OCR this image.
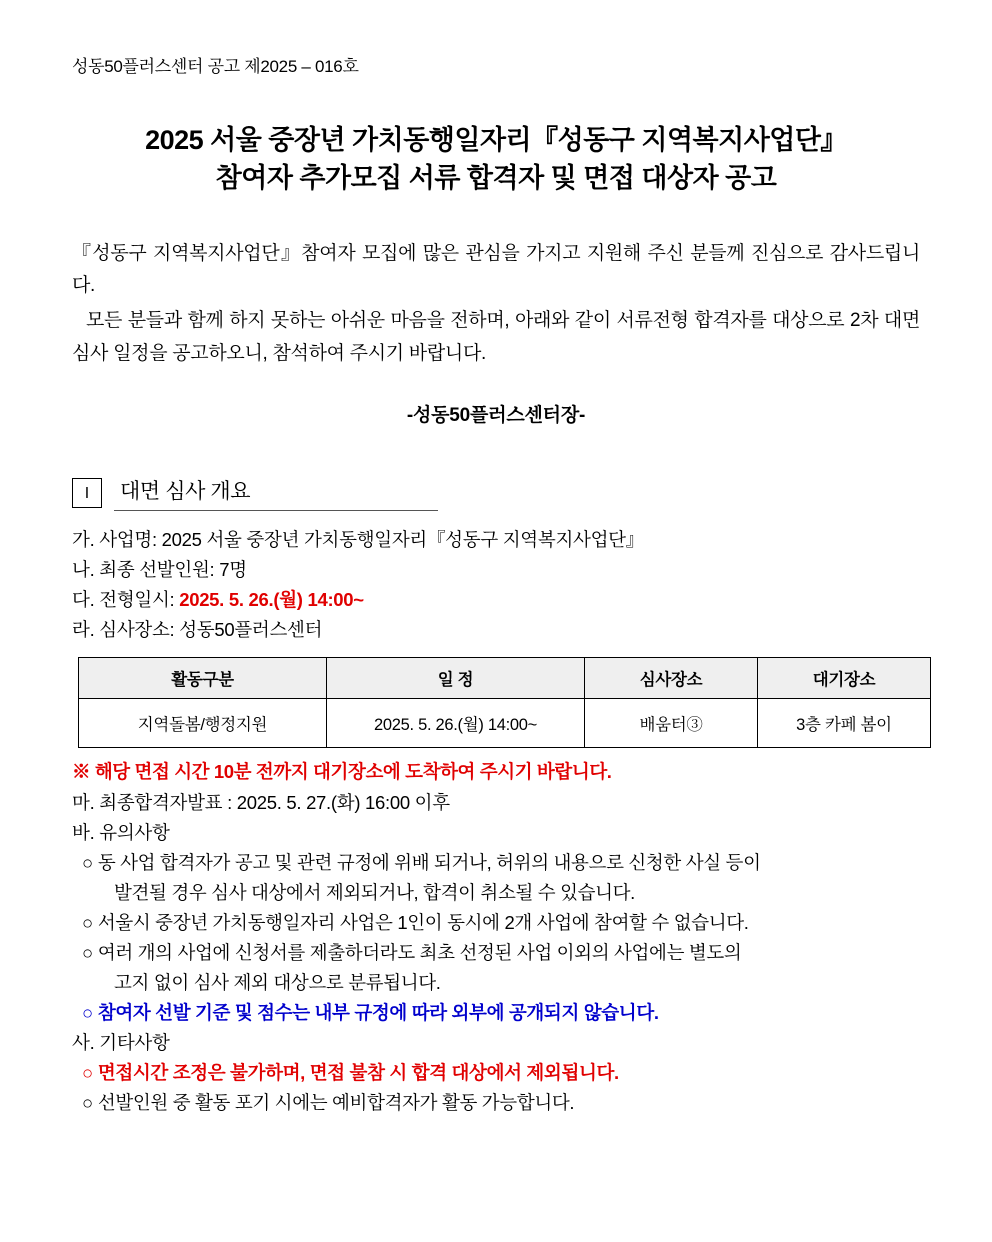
성동50플러스센터 공고 제2025 – 016호
2025 서울 중장년 가치동행일자리『성동구 지역복지사업단』
참여자 추가모집 서류 합격자 및 면접 대상자 공고

『성동구 지역복지사업단』참여자 모집에 많은 관심을 가지고 지원해 주신 분들께 진심으로 감사드립니다.

모든 분들과 함께 하지 못하는 아쉬운 마음을 전하며, 아래와 같이 서류전형 합격자를 대상으로 2차 대면심사 일정을 공고하오니, 참석하여 주시기 바랍니다.

-성동50플러스센터장-
Ⅰ	대면 심사 개요
가. 사업명: 2025 서울 중장년 가치동행일자리『성동구 지역복지사업단』
나. 최종 선발인원: 7명
다. 전형일시: 2025. 5. 26.(월) 14:00~
라. 심사장소: 성동50플러스센터
활동구분	일 정	심사장소	대기장소
지역돌봄/행정지원	2025. 5. 26.(월) 14:00~	배움터③	3층 카페 봄이
※ 해당 면접 시간 10분 전까지 대기장소에 도착하여 주시기 바랍니다.
마. 최종합격자발표 : 2025. 5. 27.(화) 16:00 이후
바. 유의사항
○ 동 사업 합격자가 공고 및 관련 규정에 위배 되거나, 허위의 내용으로 신청한 사실 등이
발견될 경우 심사 대상에서 제외되거나, 합격이 취소될 수 있습니다.
○ 서울시 중장년 가치동행일자리 사업은 1인이 동시에 2개 사업에 참여할 수 없습니다.
○ 여러 개의 사업에 신청서를 제출하더라도 최초 선정된 사업 이외의 사업에는 별도의
고지 없이 심사 제외 대상으로 분류됩니다.
○ 참여자 선발 기준 및 점수는 내부 규정에 따라 외부에 공개되지 않습니다.
사. 기타사항
○ 면접시간 조정은 불가하며, 면접 불참 시 합격 대상에서 제외됩니다.
○ 선발인원 중 활동 포기 시에는 예비합격자가 활동 가능합니다.
